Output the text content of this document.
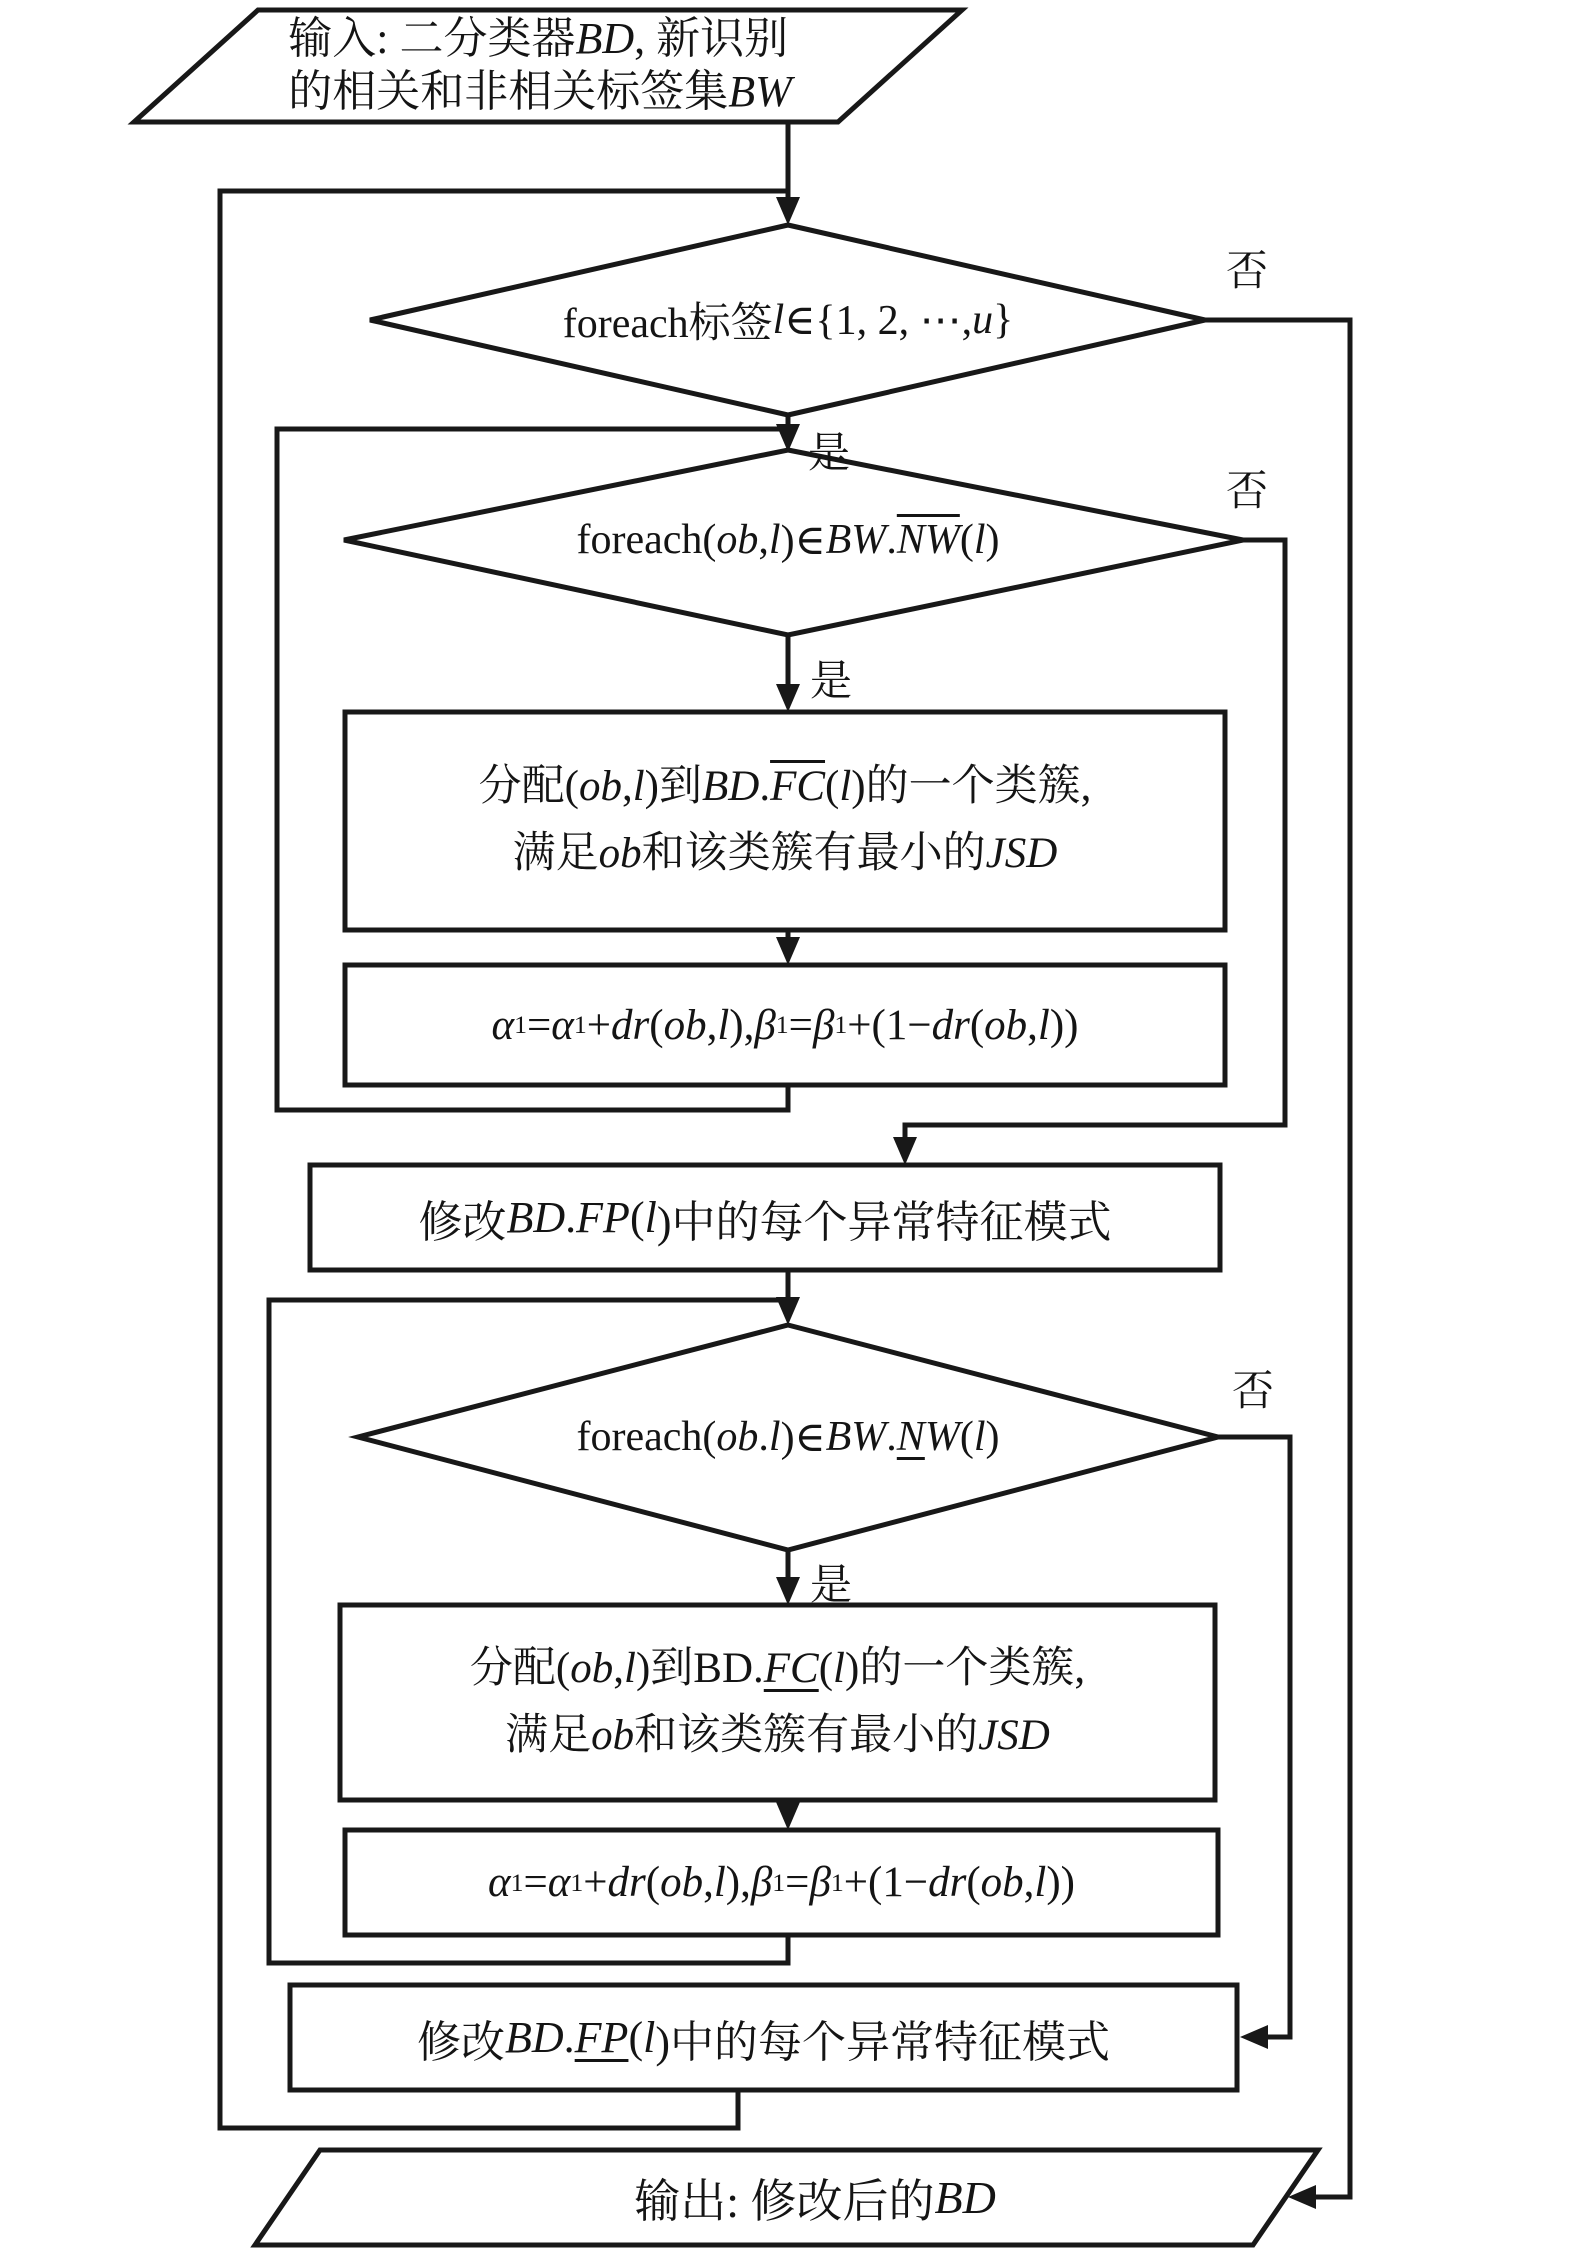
输入: 二分类器BD, 新识别
的相关和非相关标签集BW
foreach标签 l ∈{1, 2, ⋯, u }
foreach( ob , l )∈ BW . $\overline{NW}$ ( l )
分配(ob,l)到$BD.\overline{FC}(l)$的一个类簇,
满足ob和该类簇有最小的JSD
α 1 = α 1 + dr ( ob , l ), β 1 = β 1 +(1− dr ( ob , l ))
修改 BD . FP ( l )中的每个异常特征模式
foreach( ob . l )∈ BW . N W ( l )
分配(ob,l)到BD.FC(l)的一个类簇,
满足ob和该类簇有最小的JSD
α 1 = α 1 + dr ( ob , l ), β 1 = β 1 +(1− dr ( ob , l ))
修改 BD . FP ( l )中的每个异常特征模式
输出: 修改后的 BD
否
是
否
是
否
是
